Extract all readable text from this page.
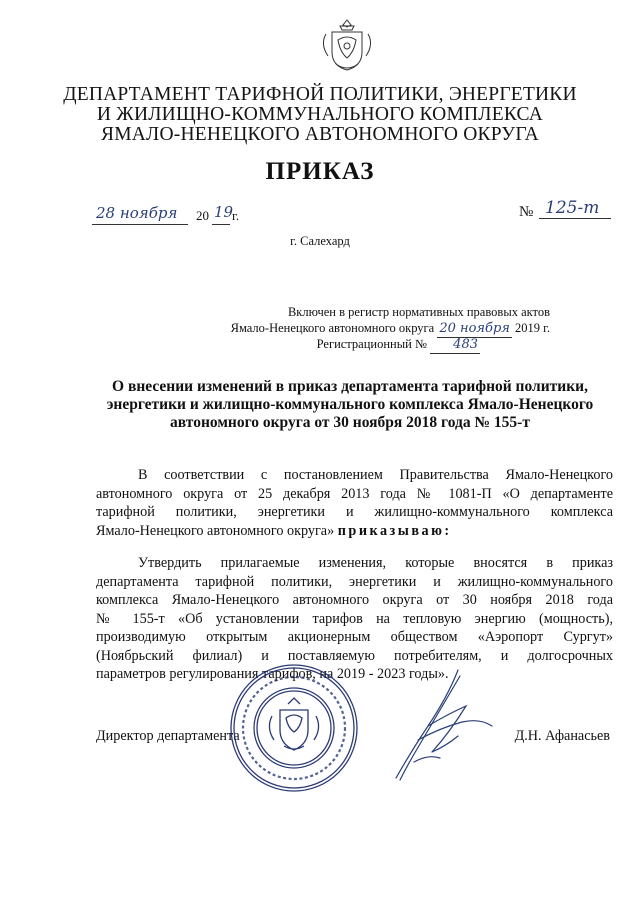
ДЕПАРТАМЕНТ ТАРИФНОЙ ПОЛИТИКИ, ЭНЕРГЕТИКИ
И ЖИЛИЩНО-КОММУНАЛЬНОГО КОМПЛЕКСА
ЯМАЛО-НЕНЕЦКОГО АВТОНОМНОГО ОКРУГА
ПРИКАЗ
28 ноября 20 19
г.	№ 125-т
г. Салехард
Включен в регистр нормативных правовых актов
Ямало-Ненецкого автономного округа 20 ноября 2019 г.
Регистрационный № 483
О внесении изменений в приказ департамента тарифной политики,
энергетики и жилищно-коммунального комплекса Ямало-Ненецкого
автономного округа от 30 ноября 2018 года № 155-т
В соответствии с постановлением Правительства Ямало-Ненецкого
автономного округа от 25 декабря 2013 года № 1081-П «О департаменте
тарифной политики, энергетики и жилищно-коммунального комплекса
Ямало-Ненецкого автономного округа» приказываю:
Утвердить прилагаемые изменения, которые вносятся в приказ
департамента тарифной политики, энергетики и жилищно-коммунального
комплекса Ямало-Ненецкого автономного округа от 30 ноября 2018 года
№ 155-т «Об установлении тарифов на тепловую энергию (мощность),
производимую открытым акционерным обществом «Аэропорт Сургут»
(Ноябрьский филиал) и поставляемую потребителям, и долгосрочных
параметров регулирования тарифов, на 2019 - 2023 годы».
Директор департамента	Д.Н. Афанасьев
